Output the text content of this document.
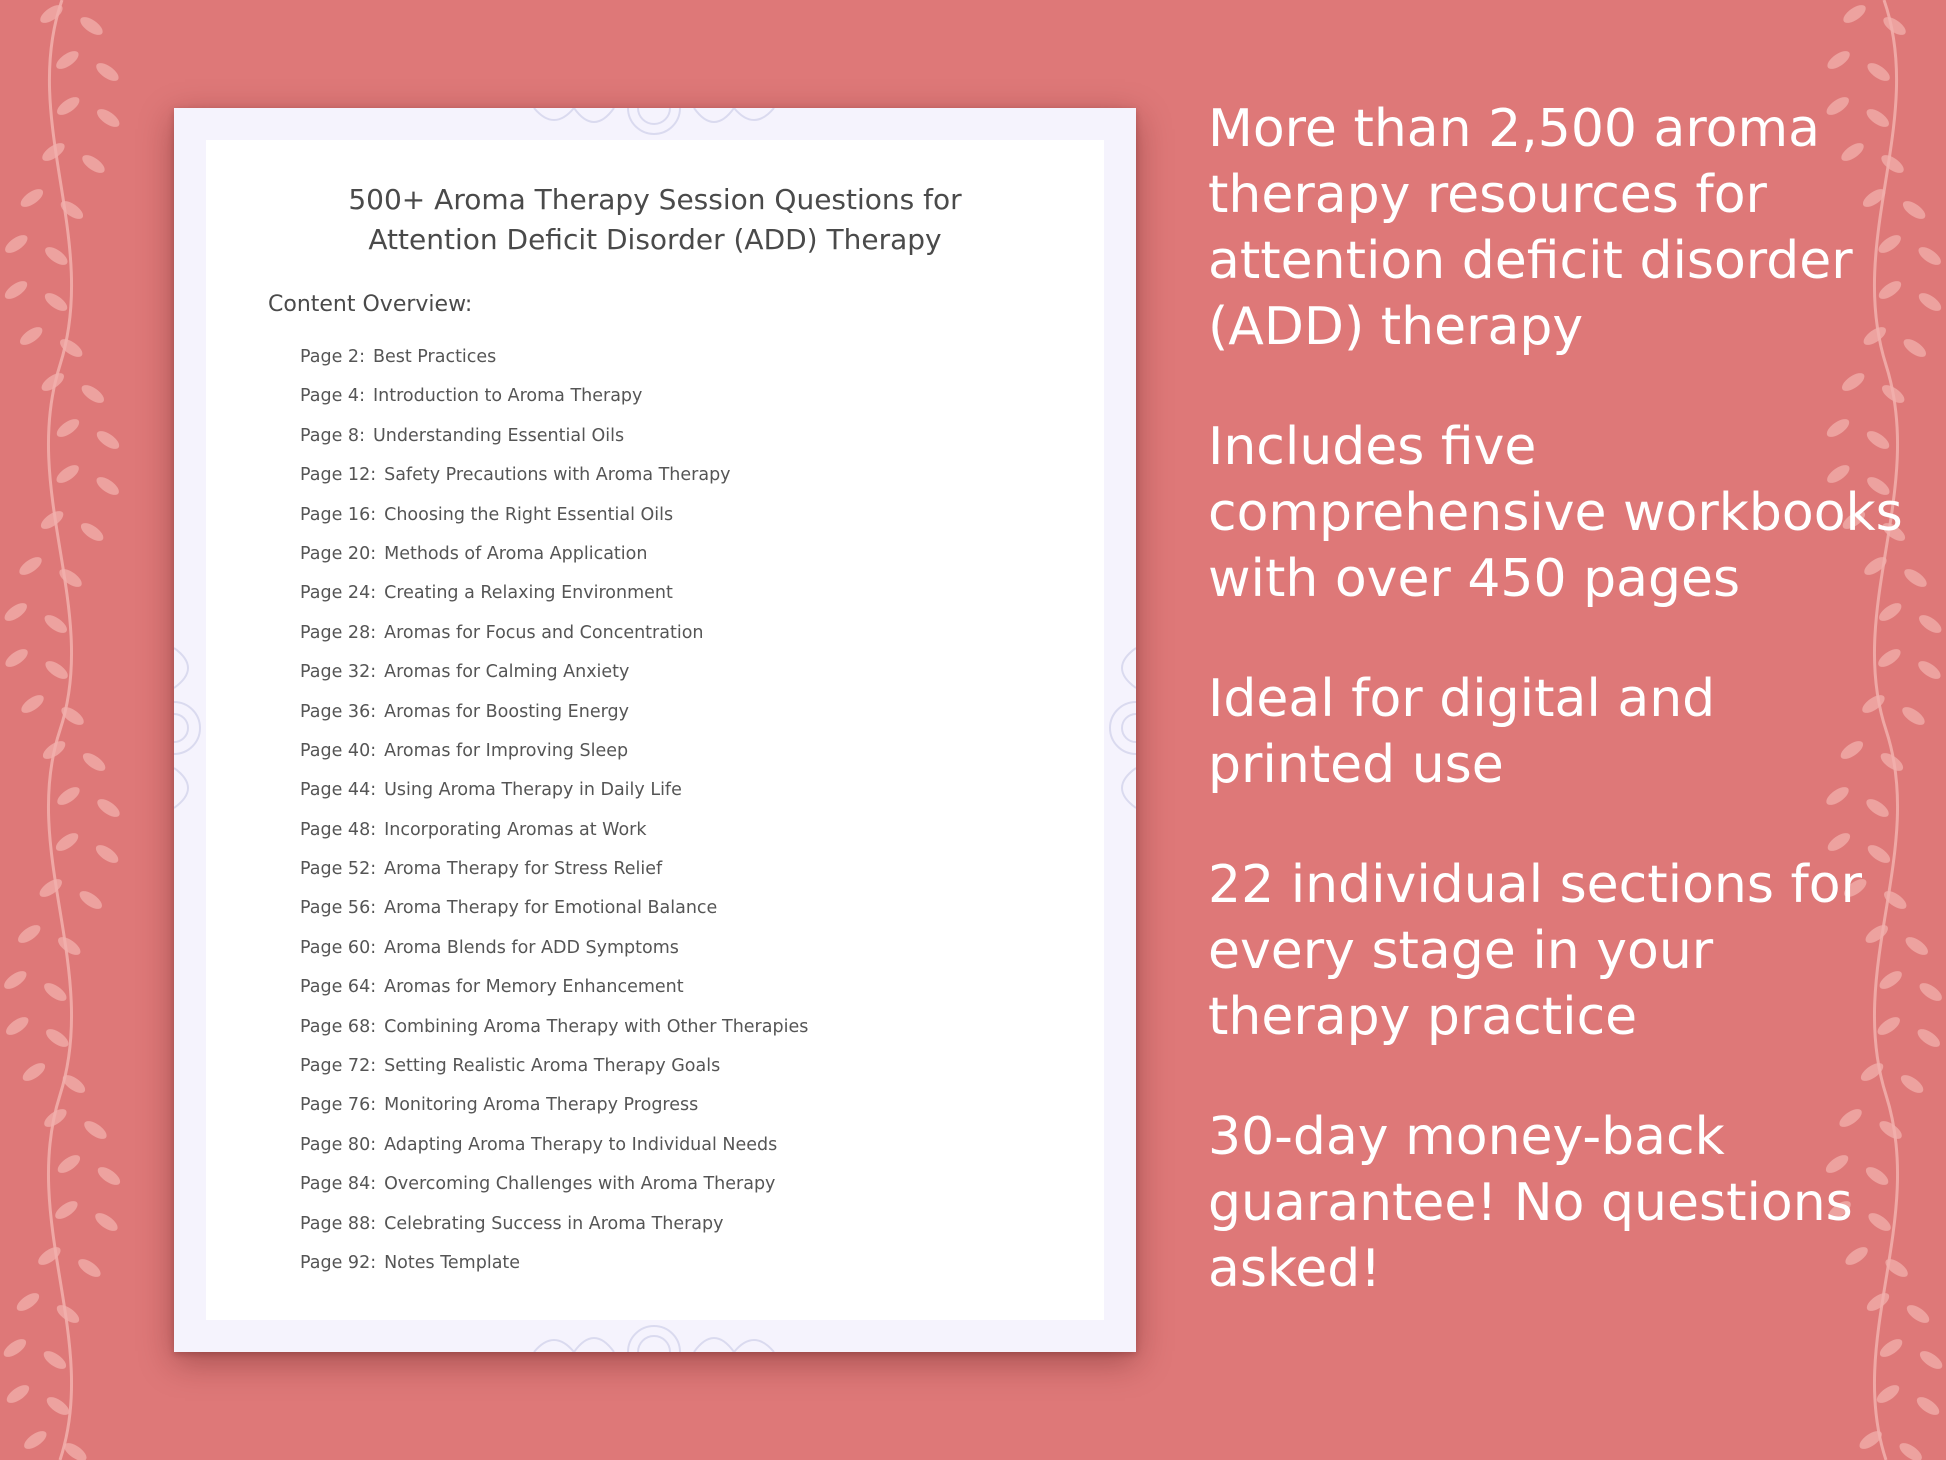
500+ Aroma Therapy Session Questions for
Attention Deficit Disorder (ADD) Therapy
Content Overview:
Page 2: Best Practices
Page 4: Introduction to Aroma Therapy
Page 8: Understanding Essential Oils
Page 12: Safety Precautions with Aroma Therapy
Page 16: Choosing the Right Essential Oils
Page 20: Methods of Aroma Application
Page 24: Creating a Relaxing Environment
Page 28: Aromas for Focus and Concentration
Page 32: Aromas for Calming Anxiety
Page 36: Aromas for Boosting Energy
Page 40: Aromas for Improving Sleep
Page 44: Using Aroma Therapy in Daily Life
Page 48: Incorporating Aromas at Work
Page 52: Aroma Therapy for Stress Relief
Page 56: Aroma Therapy for Emotional Balance
Page 60: Aroma Blends for ADD Symptoms
Page 64: Aromas for Memory Enhancement
Page 68: Combining Aroma Therapy with Other Therapies
Page 72: Setting Realistic Aroma Therapy Goals
Page 76: Monitoring Aroma Therapy Progress
Page 80: Adapting Aroma Therapy to Individual Needs
Page 84: Overcoming Challenges with Aroma Therapy
Page 88: Celebrating Success in Aroma Therapy
Page 92: Notes Template
More than 2,500 aroma therapy resources for attention deficit disorder (ADD) therapy
Includes five comprehensive workbooks with over 450 pages
Ideal for digital and printed use
22 individual sections for every stage in your therapy practice
30-day money-back guarantee! No questions asked!
